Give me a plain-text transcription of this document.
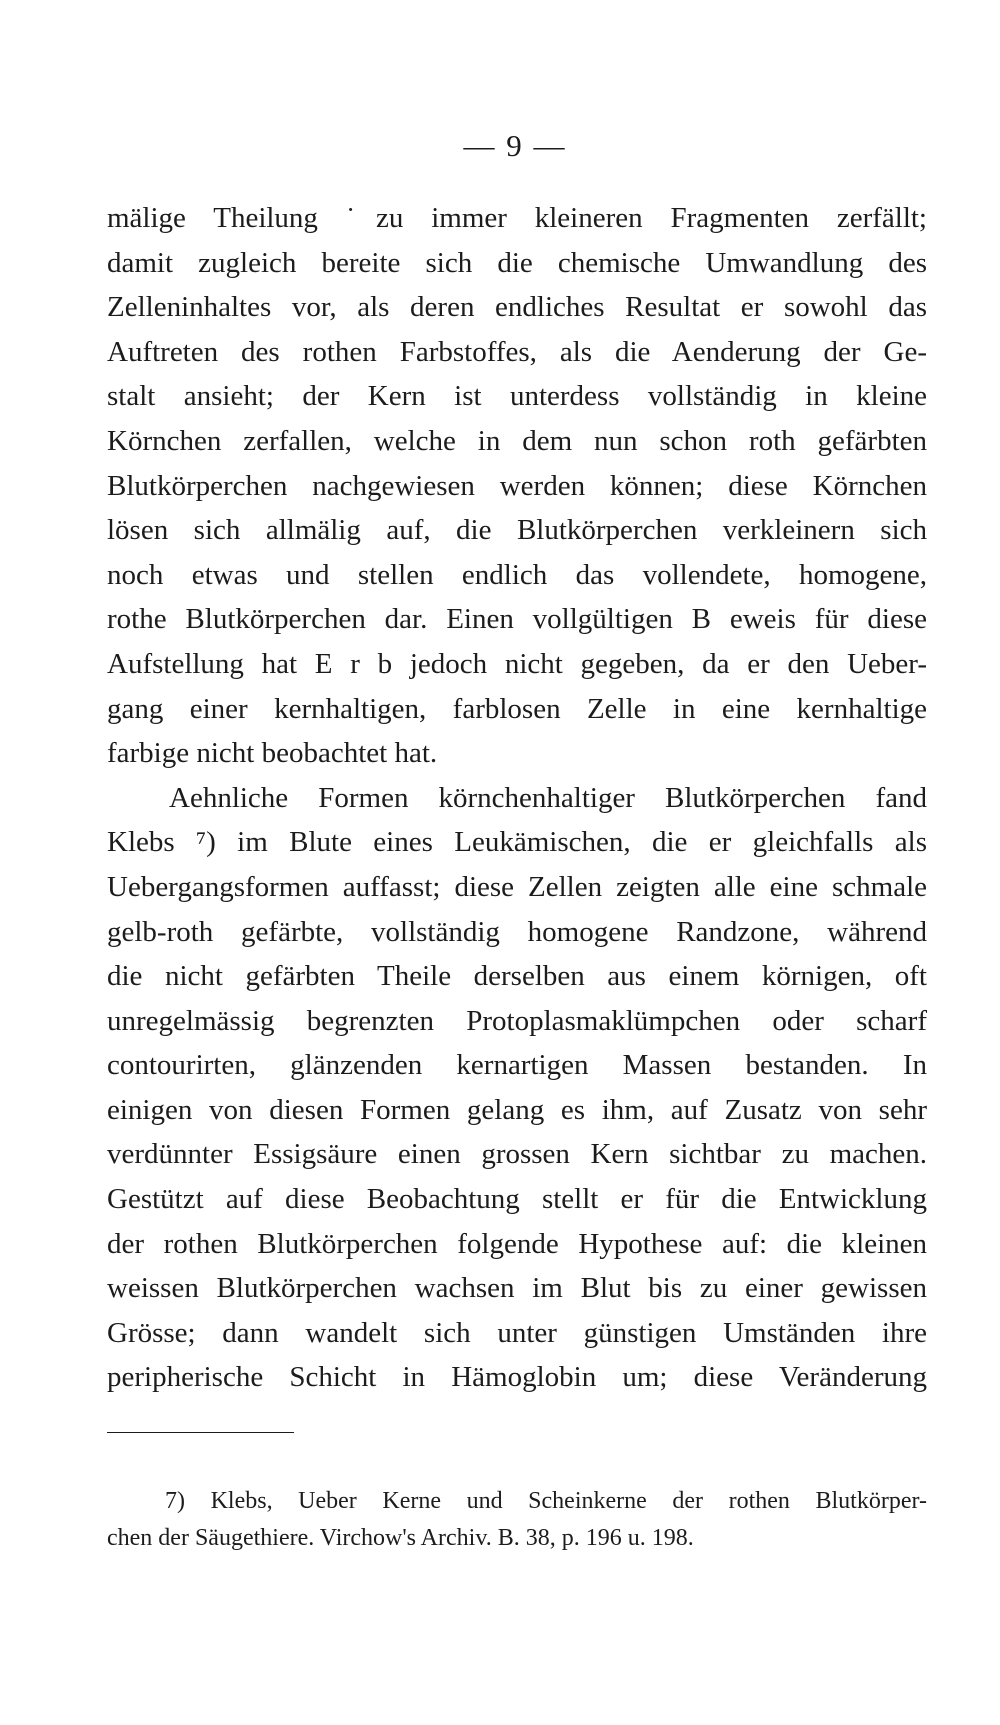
— 9 —
mälige Theilung ˙zu immer kleineren Fragmenten zerfällt;
damit zugleich bereite sich die chemische Umwandlung des
Zelleninhaltes vor, als deren endliches Resultat er sowohl das
Auftreten des rothen Farbstoffes, als die Aenderung der Ge-
stalt ansieht; der Kern ist unterdess vollständig in kleine
Körnchen zerfallen, welche in dem nun schon roth gefärbten
Blutkörperchen nachgewiesen werden können; diese Körnchen
lösen sich allmälig auf, die Blutkörperchen verkleinern sich
noch etwas und stellen endlich das vollendete, homogene,
rothe Blutkörperchen dar. Einen vollgültigen B eweis für diese
Aufstellung hat E r b jedoch nicht gegeben, da er den Ueber-
gang einer kernhaltigen, farblosen Zelle in eine kernhaltige
farbige nicht beobachtet hat.
Aehnliche Formen körnchenhaltiger Blutkörperchen fand
Klebs ⁷) im Blute eines Leukämischen, die er gleichfalls als
Uebergangsformen auffasst; diese Zellen zeigten alle eine schmale
gelb-roth gefärbte, vollständig homogene Randzone, während
die nicht gefärbten Theile derselben aus einem körnigen, oft
unregelmässig begrenzten Protoplasmaklümpchen oder scharf
contourirten, glänzenden kernartigen Massen bestanden. In
einigen von diesen Formen gelang es ihm, auf Zusatz von sehr
verdünnter Essigsäure einen grossen Kern sichtbar zu machen.
Gestützt auf diese Beobachtung stellt er für die Entwicklung
der rothen Blutkörperchen folgende Hypothese auf: die kleinen
weissen Blutkörperchen wachsen im Blut bis zu einer gewissen
Grösse; dann wandelt sich unter günstigen Umständen ihre
peripherische Schicht in Hämoglobin um; diese Veränderung
7) Klebs, Ueber Kerne und Scheinkerne der rothen Blutkörper-
chen der Säugethiere. Virchow's Archiv. B. 38, p. 196 u. 198.
